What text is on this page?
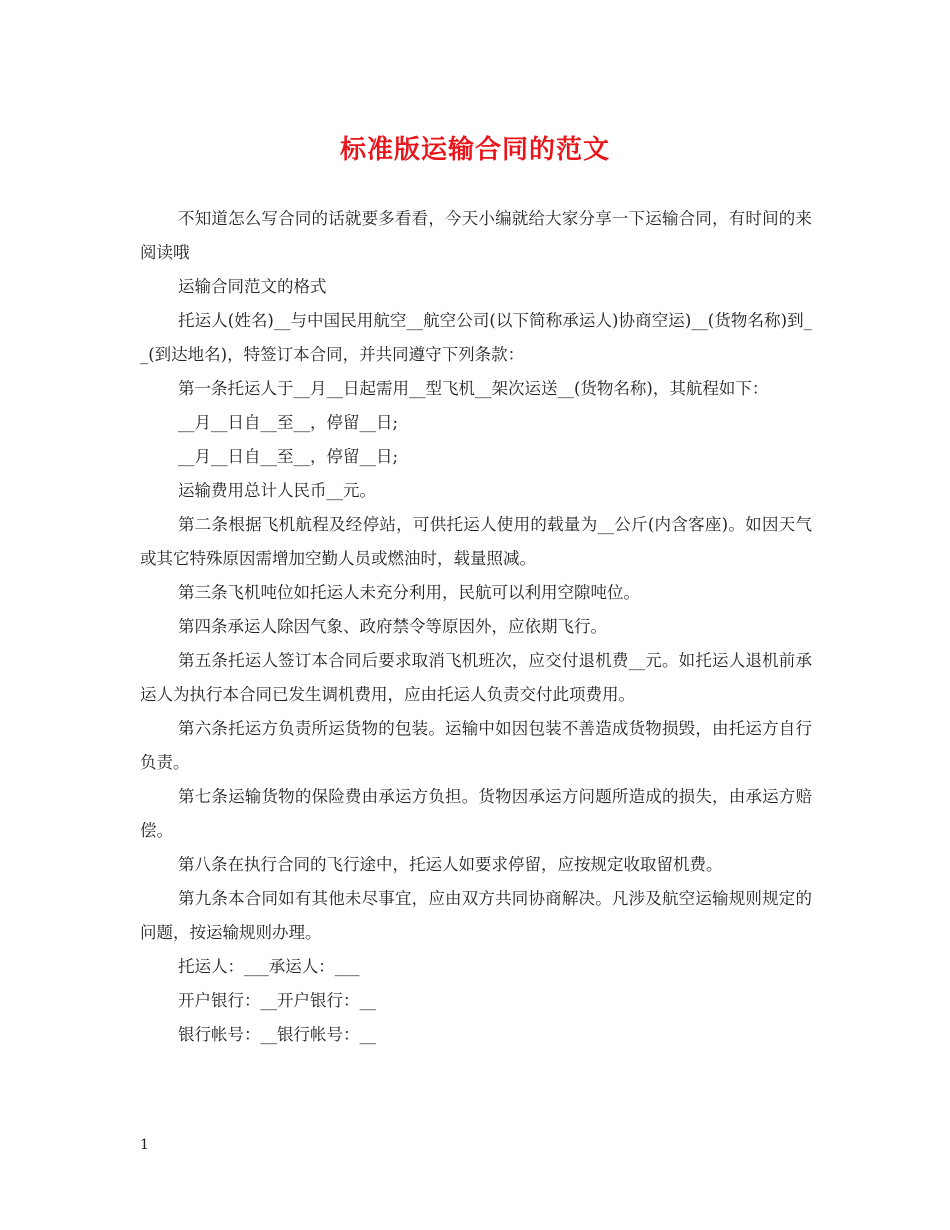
标准版运输合同的范文

不知道怎么写合同的话就要多看看，今天小编就给大家分享一下运输合同，有时间的来阅读哦

运输合同范文的格式

托运人(姓名)__与中国民用航空__航空公司(以下简称承运人)协商空运)__(货物名称)到__(到达地名)，特签订本合同，并共同遵守下列条款：

第一条托运人于__月__日起需用__型飞机__架次运送__(货物名称)，其航程如下：

__月__日自__至__，停留__日;

__月__日自__至__，停留__日;

运输费用总计人民币__元。

第二条根据飞机航程及经停站，可供托运人使用的载量为__公斤(内含客座)。如因天气或其它特殊原因需增加空勤人员或燃油时，载量照减。

第三条飞机吨位如托运人未充分利用，民航可以利用空隙吨位。

第四条承运人除因气象、政府禁令等原因外，应依期飞行。

第五条托运人签订本合同后要求取消飞机班次，应交付退机费__元。如托运人退机前承运人为执行本合同已发生调机费用，应由托运人负责交付此项费用。

第六条托运方负责所运货物的包装。运输中如因包装不善造成货物损毁，由托运方自行负责。

第七条运输货物的保险费由承运方负担。货物因承运方问题所造成的损失，由承运方赔偿。

第八条在执行合同的飞行途中，托运人如要求停留，应按规定收取留机费。

第九条本合同如有其他未尽事宜，应由双方共同协商解决。凡涉及航空运输规则规定的问题，按运输规则办理。

托运人：___承运人：___

开户银行：__开户银行：__

银行帐号：__银行帐号：__

1
